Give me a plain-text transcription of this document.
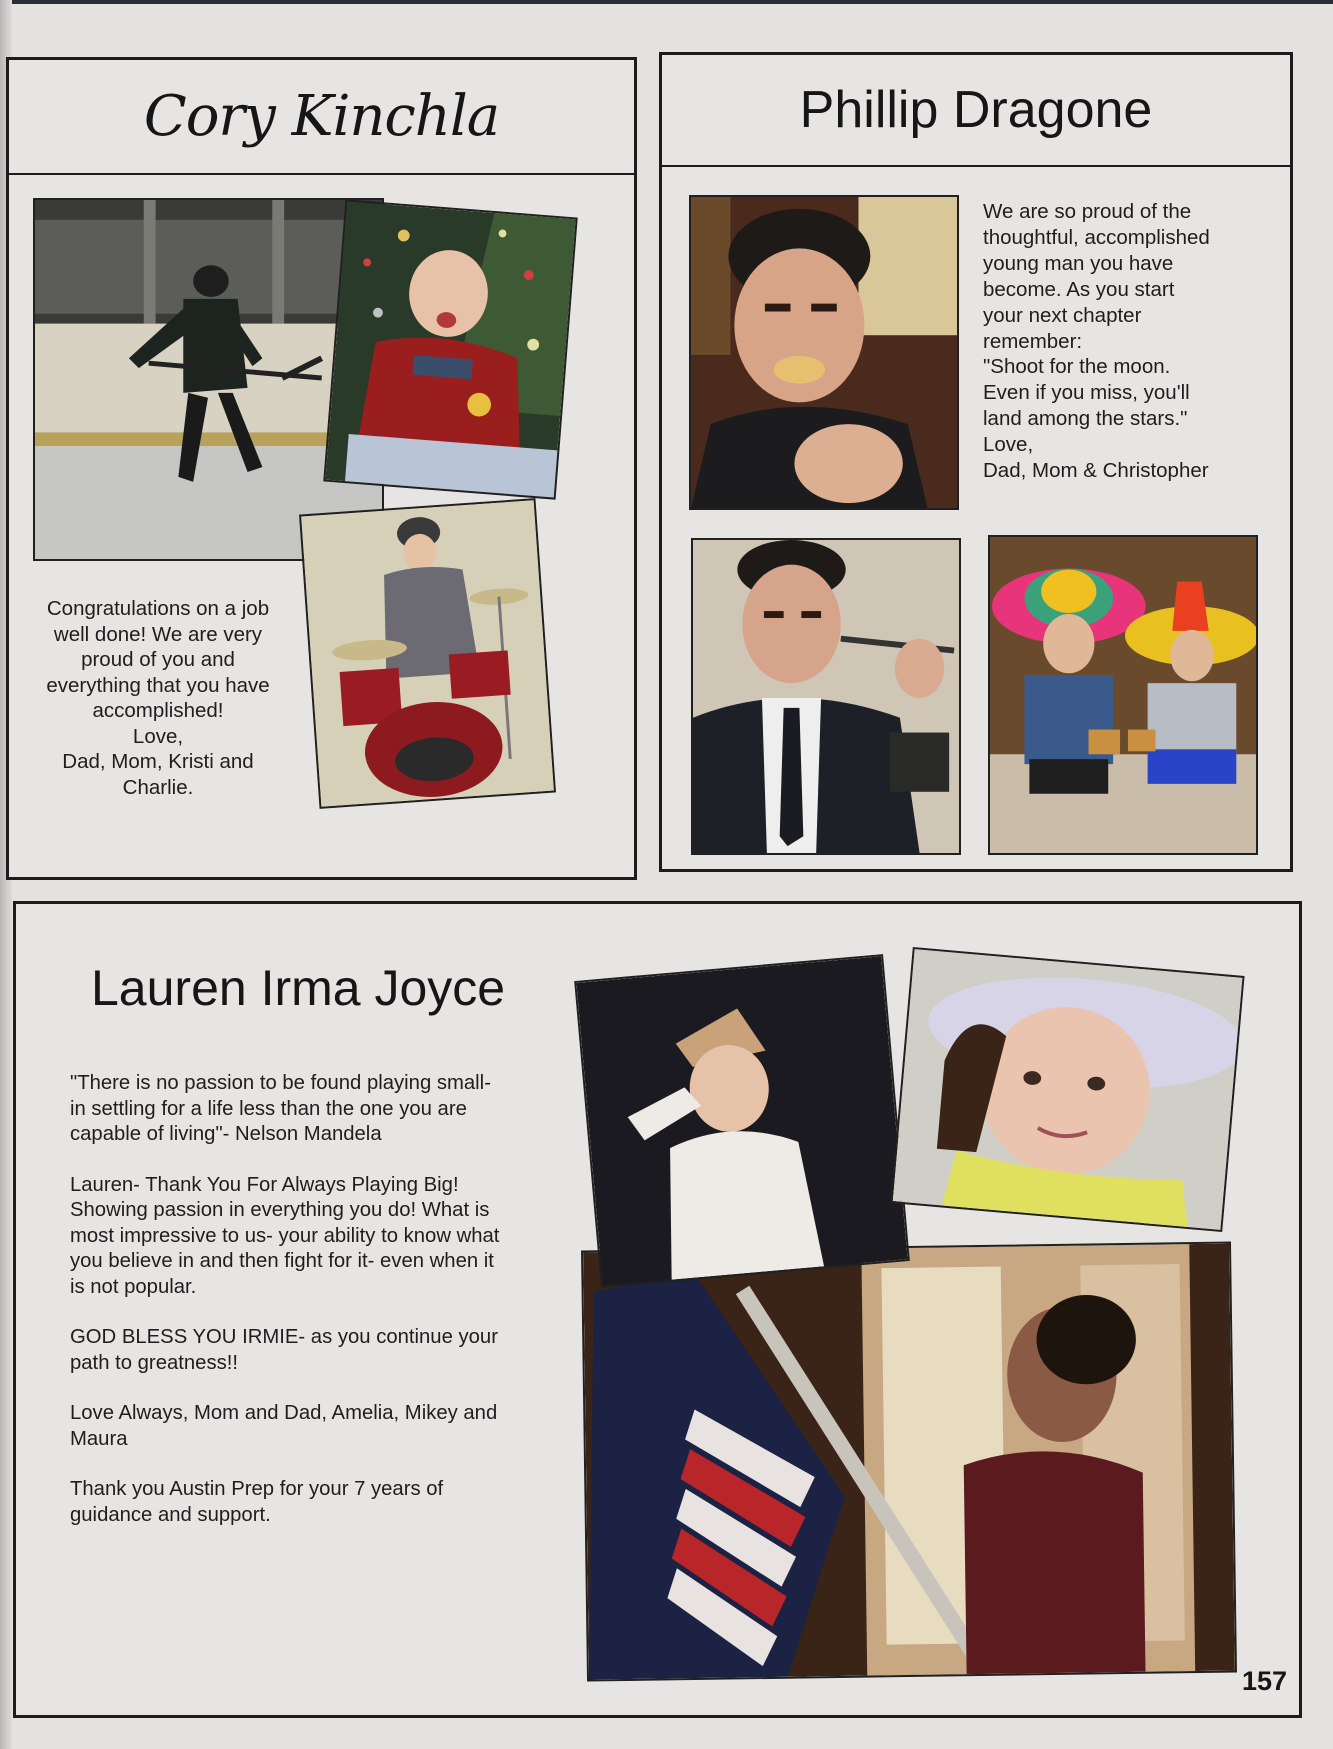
Cory Kinchla
Congratulations on a job
well done! We are very
proud of you and
everything that you have
accomplished!
Love,
Dad, Mom, Kristi and
Charlie.
Phillip Dragone
We are so proud of the
thoughtful, accomplished
young man you have
become. As you start
your next chapter
remember:
"Shoot for the moon.
Even if you miss, you'll
land among the stars."
Love,
Dad, Mom & Christopher
Lauren Irma Joyce

"There is no passion to be found playing small-
in settling for a life less than the one you are
capable of living"- Nelson Mandela

Lauren- Thank You For Always Playing Big!
Showing passion in everything you do! What is
most impressive to us- your ability to know what
you believe in and then fight for it- even when it
is not popular.

GOD BLESS YOU IRMIE- as you continue your
path to greatness!!

Love Always, Mom and Dad, Amelia, Mikey and
Maura

Thank you Austin Prep for your 7 years of
guidance and support.

157
